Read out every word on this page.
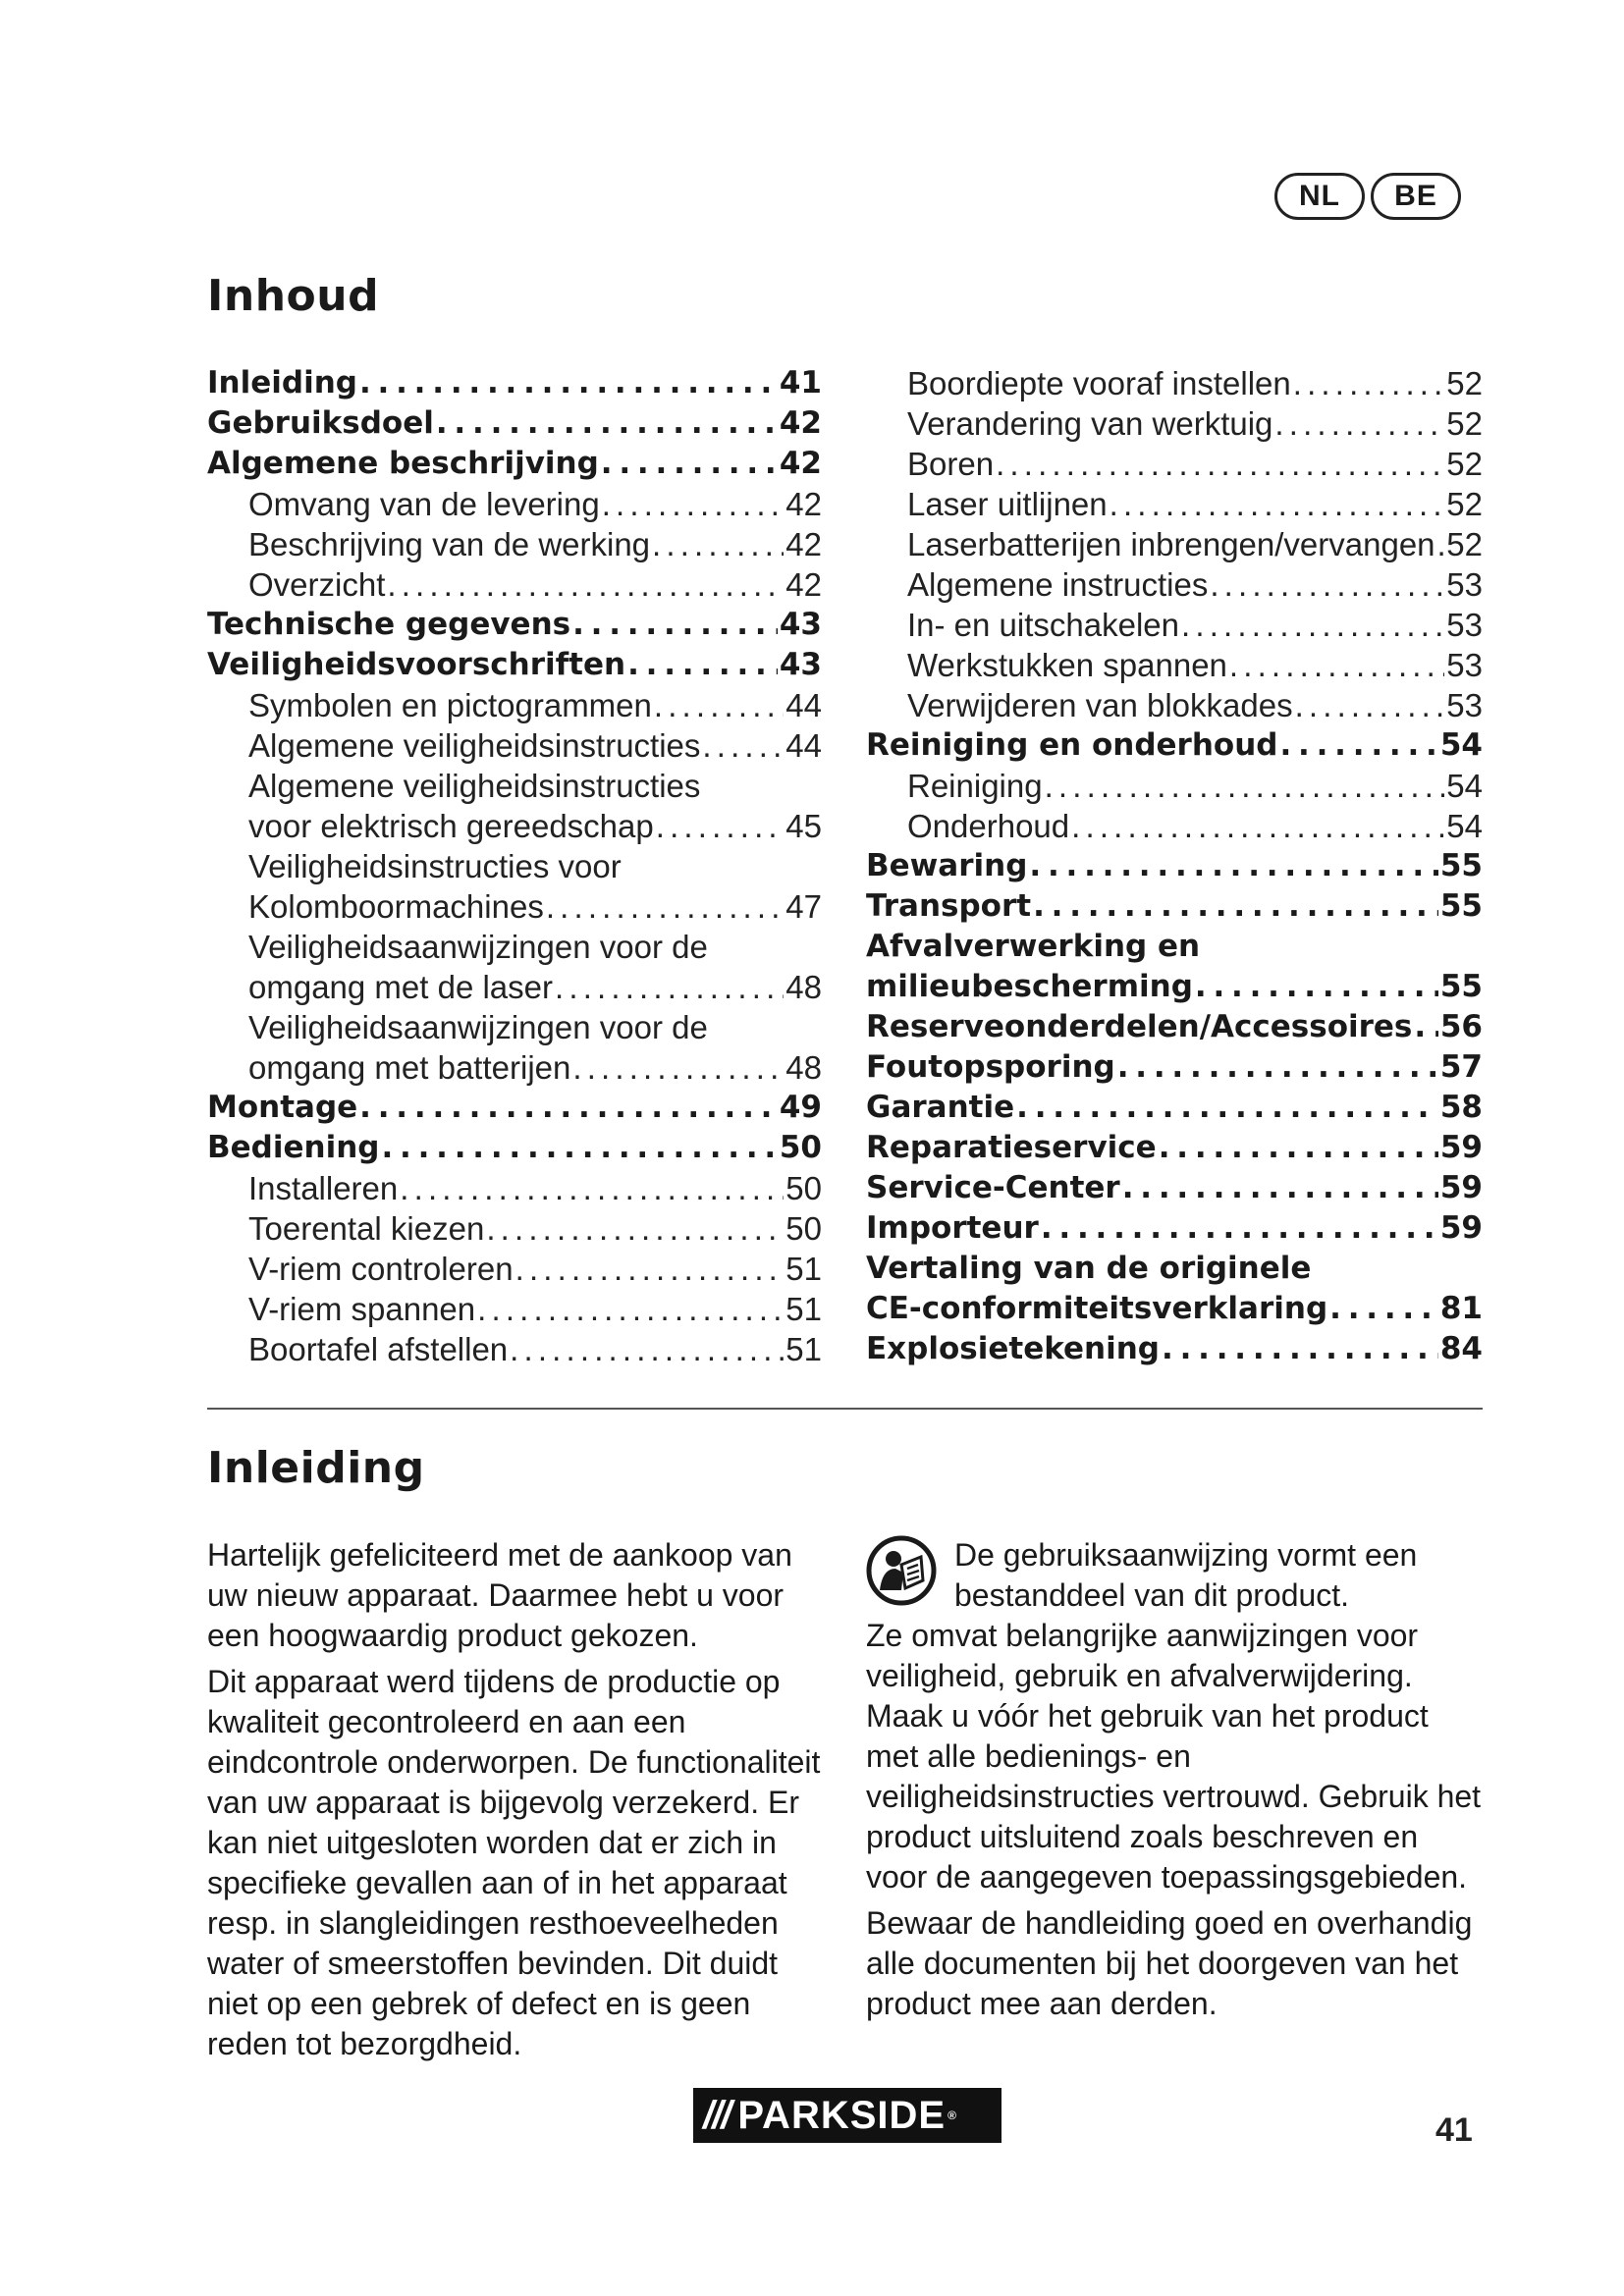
NL	BE
Inhoud
Inleiding . . .	41
Gebruiksdoel . . .	42
Algemene beschrijving . . .	42
Omvang van de levering . . .	42
Beschrijving van de werking . . .	42
Overzicht . . .	42
Technische gegevens . . .	43
Veiligheidsvoorschriften . . .	43
Symbolen en pictogrammen . . .	44
Algemene veiligheidsinstructies . . .	44
Algemene veiligheidsinstructies
voor elektrisch gereedschap . . .	45
Veiligheidsinstructies voor
Kolomboormachines . . .	47
Veiligheidsaanwijzingen voor de
omgang met de laser . . .	48
Veiligheidsaanwijzingen voor de
omgang met batterijen . . .	48
Montage . . .	49
Bediening . . .	50
Installeren . . .	50
Toerental kiezen . . .	50
V-riem controleren . . .	51
V-riem spannen . . .	51
Boortafel afstellen . . .	51
Boordiepte vooraf instellen . . .	52
Verandering van werktuig . . .	52
Boren . . .	52
Laser uitlijnen . . .	52
Laserbatterijen inbrengen/vervangen . . . 52
Algemene instructies . . .	53
In- en uitschakelen . . .	53
Werkstukken spannen . . .	53
Verwijderen van blokkades . . .	53
Reiniging en onderhoud . . .	54
Reiniging . . .	54
Onderhoud . . .	54
Bewaring . . .	55
Transport . . .	55
Afvalverwerking en
milieubescherming . . .	55
Reserveonderdelen/Accessoires . . . 56
Foutopsporing . . .	57
Garantie . . .	58
Reparatieservice . . .	59
Service-Center . . .	59
Importeur . . .	59
Vertaling van de originele
CE-conformiteitsverklaring . . .	81
Explosietekening . . .	84
Inleiding

Hartelijk gefeliciteerd met de aankoop van uw nieuw apparaat. Daarmee hebt u voor een hoogwaardig product gekozen.

Dit apparaat werd tijdens de productie op kwaliteit gecontroleerd en aan een eindcontrole onderworpen. De functionaliteit van uw apparaat is bijgevolg verzekerd. Er kan niet uitgesloten worden dat er zich in specifieke gevallen aan of in het apparaat resp. in slangleidingen resthoeveelheden water of smeerstoffen bevinden. Dit duidt niet op een gebrek of defect en is geen reden tot bezorgdheid.

De gebruiksaanwijzing vormt een bestanddeel van dit product.

Ze omvat belangrijke aanwijzingen voor veiligheid, gebruik en afvalverwijdering. Maak u vóór het gebruik van het product met alle bedienings- en veiligheidsinstructies vertrouwd. Gebruik het product uitsluitend zoals beschreven en voor de aangegeven toepassingsgebieden.

Bewaar de handleiding goed en overhandig alle documenten bij het doorgeven van het product mee aan derden.

/// PARKSIDE ®	41
